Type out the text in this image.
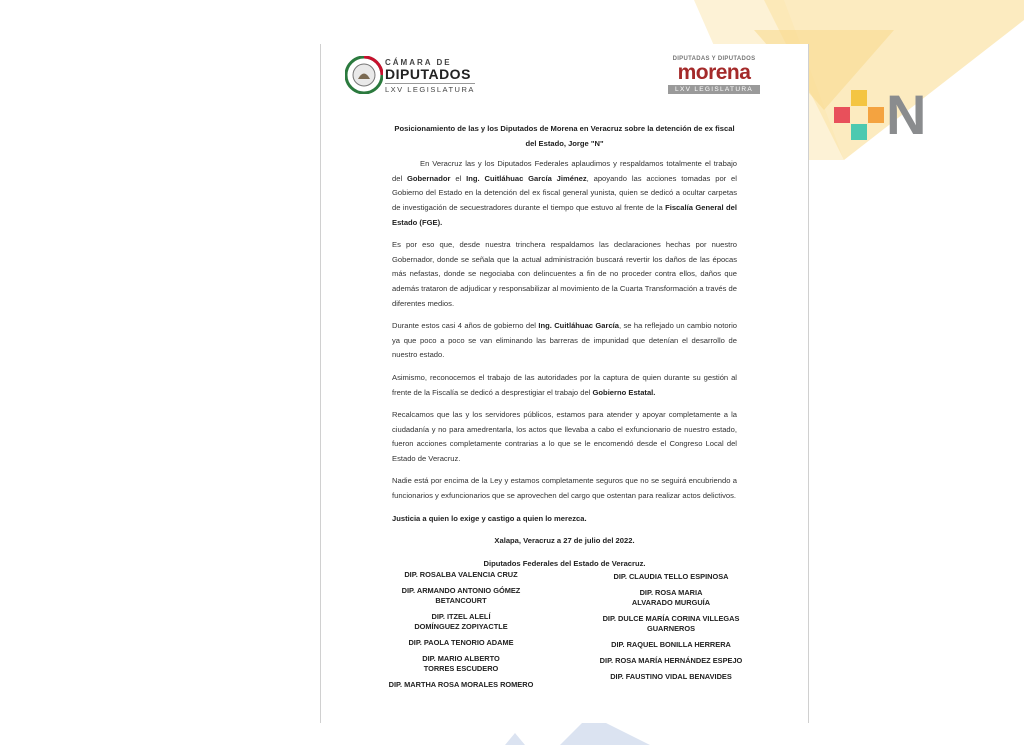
N
CÁMARA DE
DIPUTADOS
LXV LEGISLATURA
DIPUTADAS Y DIPUTADOS
morena
LXV LEGISLATURA

Posicionamiento de las y los Diputados de Morena en Veracruz sobre la detención de ex fiscal del Estado, Jorge "N"

En Veracruz las y los Diputados Federales aplaudimos y respaldamos totalmente el trabajo del Gobernador el Ing. Cuitláhuac García Jiménez, apoyando las acciones tomadas por el Gobierno del Estado en la detención del ex fiscal general yunista, quien se dedicó a ocultar carpetas de investigación de secuestradores durante el tiempo que estuvo al frente de la Fiscalía General del Estado (FGE).

Es por eso que, desde nuestra trinchera respaldamos las declaraciones hechas por nuestro Gobernador, donde se señala que la actual administración buscará revertir los daños de las épocas más nefastas, donde se negociaba con delincuentes a fin de no proceder contra ellos, daños que además trataron de adjudicar y responsabilizar al movimiento de la Cuarta Transformación a través de diferentes medios.

Durante estos casi 4 años de gobierno del Ing. Cuitláhuac García, se ha reflejado un cambio notorio ya que poco a poco se van eliminando las barreras de impunidad que detenían el desarrollo de nuestro estado.

Asimismo, reconocemos el trabajo de las autoridades por la captura de quien durante su gestión al frente de la Fiscalía se dedicó a desprestigiar el trabajo del Gobierno Estatal.

Recalcamos que las y los servidores públicos, estamos para atender y apoyar completamente a la ciudadanía y no para amedrentarla, los actos que llevaba a cabo el exfuncionario de nuestro estado, fueron acciones completamente contrarias a lo que se le encomendó desde el Congreso Local del Estado de Veracruz.

Nadie está por encima de la Ley y estamos completamente seguros que no se seguirá encubriendo a funcionarios y exfuncionarios que se aprovechen del cargo que ostentan para realizar actos delictivos.

Justicia a quien lo exige y castigo a quien lo merezca.

Xalapa, Veracruz a 27 de julio del 2022.

Diputados Federales del Estado de Veracruz.

DIP. ROSALBA VALENCIA CRUZ
DIP. ARMANDO ANTONIO GÓMEZ BETANCOURT
DIP. ITZEL ALELÍ DOMÍNGUEZ ZOPIYACTLE
DIP. PAOLA TENORIO ADAME
DIP. MARIO ALBERTO TORRES ESCUDERO
DIP. MARTHA ROSA MORALES ROMERO
DIP. CLAUDIA TELLO ESPINOSA
DIP. ROSA MARIA ALVARADO MURGUÍA
DIP. DULCE MARÍA CORINA VILLEGAS GUARNEROS
DIP. RAQUEL BONILLA HERRERA
DIP. ROSA MARÍA HERNÁNDEZ ESPEJO
DIP. FAUSTINO VIDAL BENAVIDES
